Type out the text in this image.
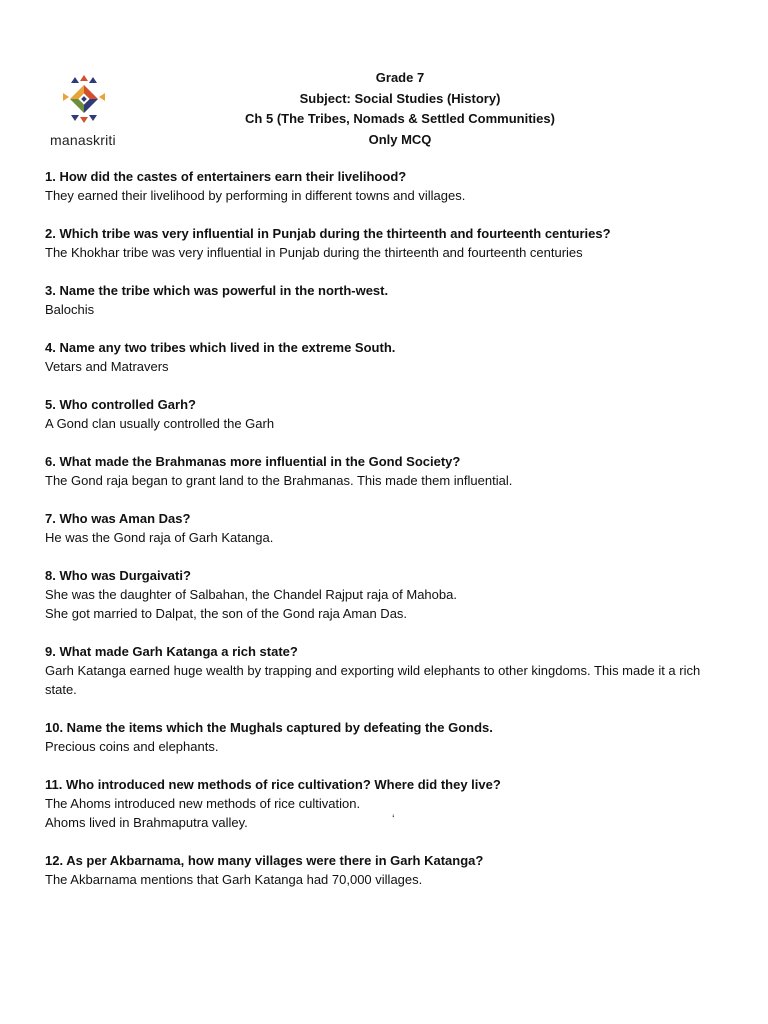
manaskriti
Grade 7
Subject: Social Studies (History)
Ch 5 (The Tribes, Nomads & Settled Communities)
Only MCQ
1. How did the castes of entertainers earn their livelihood?
They earned their livelihood by performing in different towns and villages.
2. Which tribe was very influential in Punjab during the thirteenth and fourteenth centuries?
The Khokhar tribe was very influential in Punjab during the thirteenth and fourteenth centuries
3. Name the tribe which was powerful in the north-west.
Balochis
4. Name any two tribes which lived in the extreme South.
Vetars and Matravers
5. Who controlled Garh?
A Gond clan usually controlled the Garh
6. What made the Brahmanas more influential in the Gond Society?
The Gond raja began to grant land to the Brahmanas. This made them influential.
7. Who was Aman Das?
He was the Gond raja of Garh Katanga.
8. Who was Durgaivati?
She was the daughter of Salbahan, the Chandel Rajput raja of Mahoba.
She got married to Dalpat, the son of the Gond raja Aman Das.
9. What made Garh Katanga a rich state?
Garh Katanga earned huge wealth by trapping and exporting wild elephants to other kingdoms. This made it a rich state.
10. Name the items which the Mughals captured by defeating the Gonds.
Precious coins and elephants.
11. Who introduced new methods of rice cultivation? Where did they live?
The Ahoms introduced new methods of rice cultivation.
Ahoms lived in Brahmaputra valley.
12. As per Akbarnama, how many villages were there in Garh Katanga?
The Akbarnama mentions that Garh Katanga had 70,000 villages.
‘
